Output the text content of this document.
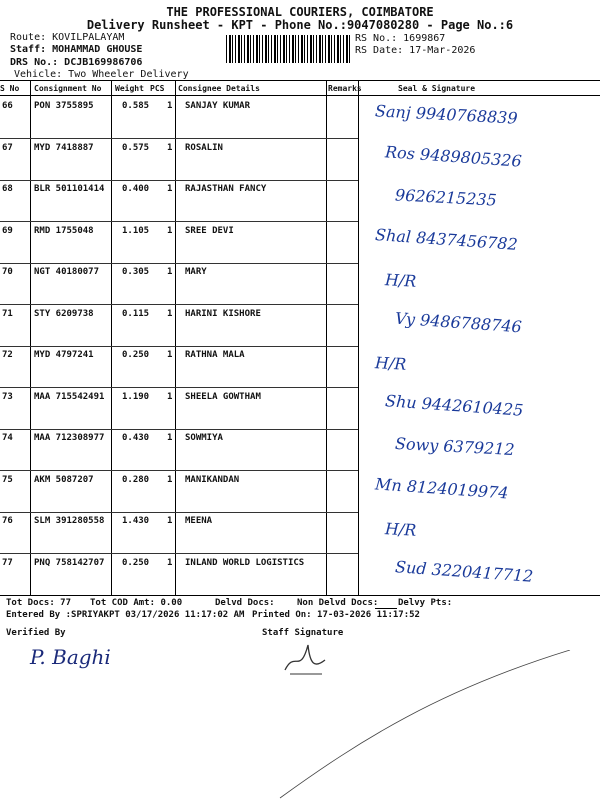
THE PROFESSIONAL COURIERS, COIMBATORE
Delivery Runsheet - KPT - Phone No.:9047080280 - Page No.:6
Route: KOVILPALAYAM
Staff: MOHAMMAD GHOUSE
DRS No.: DCJB169986706
Vehicle: Two Wheeler Delivery
RS No.: 1699867
RS Date: 17-Mar-2026
S No Consignment No Weight PCS Consignee Details	Remarks	Seal & Signature
66 PON 3755895	0.585 1 SANJAY KUMAR	Sanj 9940768839
67 MYD 7418887	0.575 1 ROSALIN	Ros 9489805326
68 BLR 501101414 0.400 1 RAJASTHAN FANCY	9626215235
69 RMD 1755048	1.105 1 SREE DEVI	Shal 8437456782
70 NGT 40180077	0.305 1 MARY	H/R
71 STY 6209738	0.115 1 HARINI KISHORE	Vy 9486788746
72 MYD 4797241	0.250 1 RATHNA MALA	H/R
73 MAA 715542491 1.190 1 SHEELA GOWTHAM	Shu 9442610425
74 MAA 712308977 0.430 1 SOWMIYA	Sowy 6379212
75 AKM 5087207	0.280 1 MANIKANDAN	Mn 8124019974
76 SLM 391280558 1.430 1 MEENA	H/R
77 PNQ 758142707 0.250 1 INLAND WORLD LOGISTICS	Sud 3220417712
Tot Docs: 77 Tot COD Amt: 0.00	Delvd Docs: Non Delvd Docs: Delvy Pts:
Entered By :SPRIYAKPT 03/17/2026 11:17:02 AM Printed On: 17-03-2026 11:17:52
Verified By	Staff Signature
P. Baghi
